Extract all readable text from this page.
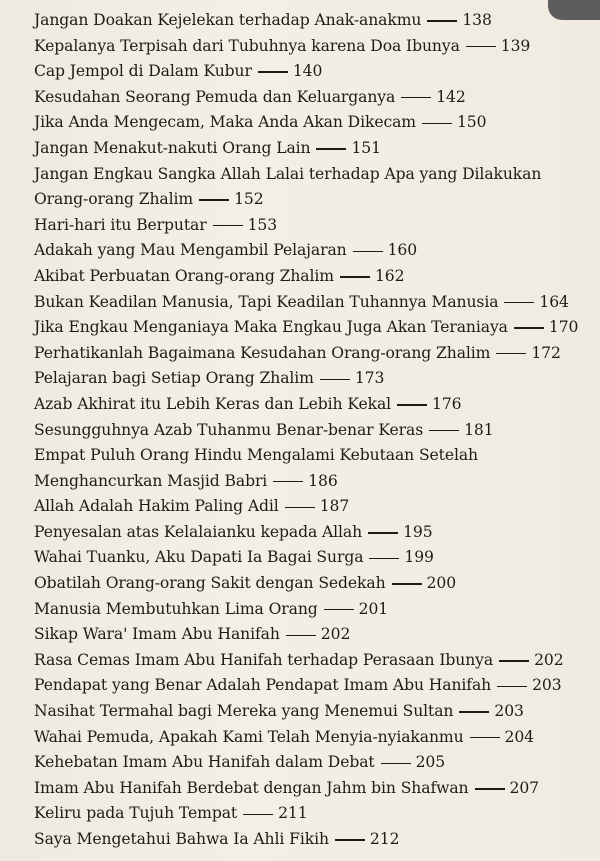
Jangan Doakan Kejelekan terhadap Anak-anakmu	138
Kepalanya Terpisah dari Tubuhnya karena Doa Ibunya	139
Cap Jempol di Dalam Kubur	140
Kesudahan Seorang Pemuda dan Keluarganya	142
Jika Anda Mengecam, Maka Anda Akan Dikecam	150
Jangan Menakut-nakuti Orang Lain	151
Jangan Engkau Sangka Allah Lalai terhadap Apa yang Dilakukan
Orang-orang Zhalim	152
Hari-hari itu Berputar	153
Adakah yang Mau Mengambil Pelajaran	160
Akibat Perbuatan Orang-orang Zhalim	162
Bukan Keadilan Manusia, Tapi Keadilan Tuhannya Manusia	164
Jika Engkau Menganiaya Maka Engkau Juga Akan Teraniaya	170
Perhatikanlah Bagaimana Kesudahan Orang-orang Zhalim	172
Pelajaran bagi Setiap Orang Zhalim	173
Azab Akhirat itu Lebih Keras dan Lebih Kekal	176
Sesungguhnya Azab Tuhanmu Benar-benar Keras	181
Empat Puluh Orang Hindu Mengalami Kebutaan Setelah
Menghancurkan Masjid Babri	186
Allah Adalah Hakim Paling Adil	187
Penyesalan atas Kelalaianku kepada Allah	195
Wahai Tuanku, Aku Dapati Ia Bagai Surga	199
Obatilah Orang-orang Sakit dengan Sedekah	200
Manusia Membutuhkan Lima Orang	201
Sikap Wara' Imam Abu Hanifah	202
Rasa Cemas Imam Abu Hanifah terhadap Perasaan Ibunya	202
Pendapat yang Benar Adalah Pendapat Imam Abu Hanifah	203
Nasihat Termahal bagi Mereka yang Menemui Sultan	203
Wahai Pemuda, Apakah Kami Telah Menyia-nyiakanmu	204
Kehebatan Imam Abu Hanifah dalam Debat	205
Imam Abu Hanifah Berdebat dengan Jahm bin Shafwan	207
Keliru pada Tujuh Tempat	211
Saya Mengetahui Bahwa Ia Ahli Fikih	212
